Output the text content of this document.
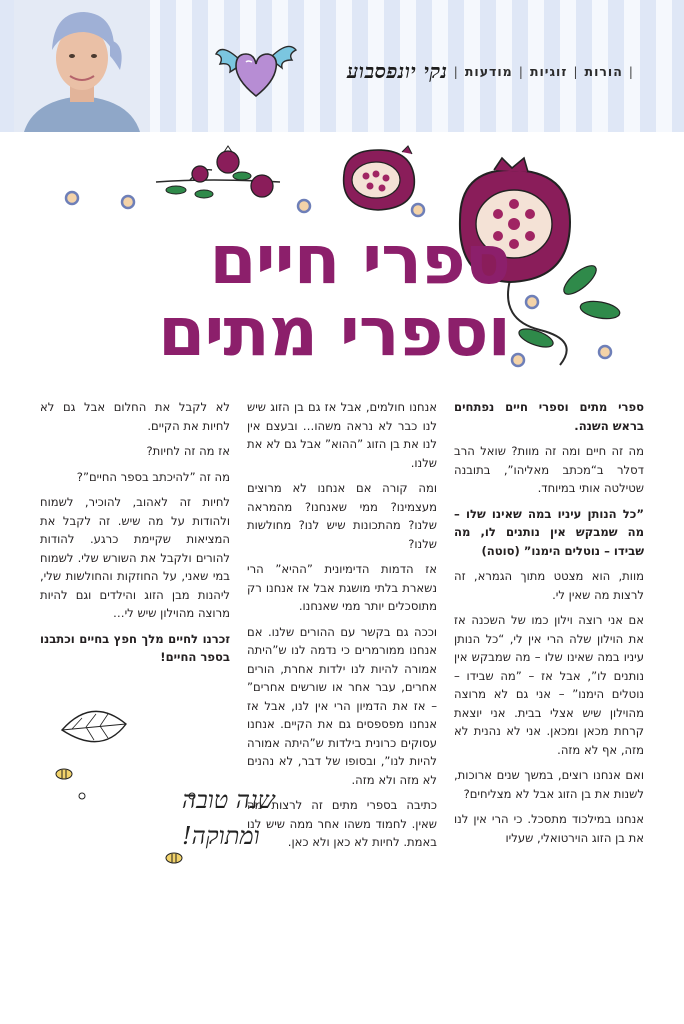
נקי יונפסבוע	|
הורות
|
זוגיות
|
מודעות
|
ספרי חיים
וספרי מתים

ספרי מתים וספרי חיים נפתחים בראש השנה.

מה זה חיים ומה זה מוות? שואל הרב דסלר ב“מכתב מאליהו”, בתובנה שטילטה אותי במיוחד.

”כל הנותן עיניו במה שאינו שלו – מה שמבקש אין נותנים לו, מה שבידו – נוטלים הימנו” (סוטה)

מוות, הוא מצטט מתוך הגמרא, זה לרצות מה שאין לי.

אם אני רוצה וילון כמו של השכנה אז את הוילון שלה הרי אין לי, “כל הנותן עיניו במה שאינו שלו – מה שמבקש אין נותנים לו”, אבל אז – ”מה שבידו – נוטלים הימנו” – אני גם לא מרוצה מהוילון שיש אצלי בבית. אני יוצאת קרחת מכאן ומכאן. אני לא נהנית לא מזה, אף לא מזה.

ואם אנחנו רוצים, במשך שנים ארוכות, לשנות את בן הזוג אבל לא מצליחים?

אנחנו במילכוד מתסכל. כי הרי אין לנו את בן הזוג הוירטואלי, שעליו

אנחנו חולמים, אבל אז גם בן הזוג שיש לנו כבר לא נראה משהו… ובעצם אין לנו את בן הזוג ”ההוא” אבל גם לא את שלנו.

ומה קורה אם אנחנו לא מרוצים מעצמינו? ממי שאנחנו? מהמראה שלנו? מהתכונות שיש לנו? מחולשות שלנו?

אז הדמות הדימיונית ”ההיא” הרי נשארת בלתי מושגת אבל אז אנחנו רק מתוסכלים יותר ממי שאנחנו.

וככה גם בקשר עם ההורים שלנו. אם אנחנו ממורמרים כי נדמה לנו ש”היתה אמורה להיות לנו ילדות אחרת, הורים אחרים, עבר אחר או שורשים אחרים” – אז את הדמיון הרי אין לנו, אבל אז אנחנו מפספסים גם את הקיים. אנחנו עסוקים כרונית בילדות ש”היתה אמורה להיות לנו”, ובסופו של דבר, לא נהנים לא מזה ולא מזה.

כתיבה בספרי מתים זה לרצות מה שאין. לחמוד משהו אחר ממה שיש לנו באמת. לחיות לא כאן ולא כאן.

לא לקבל את החלום אבל גם לא לחיות את הקיים.

אז מה זה לחיות?

מה זה ”להיכתב בספר החיים”?

לחיות זה לאהוב, להוכיר, לשמוח ולהודות על מה שיש. זה לקבל את המציאות שקיימת כרגע. להודות להורים ולקבל את השורש שלי. לשמוח במי שאני, על החוזקות והחולשות שלי, ליהנות מבן הזוג והילדים וגם להיות מרוצה מהוילון שיש לי…

זכרנו לחיים מלך חפץ בחיים וכתבנו בספר החיים!

שנה טובה
ומתוקה!
